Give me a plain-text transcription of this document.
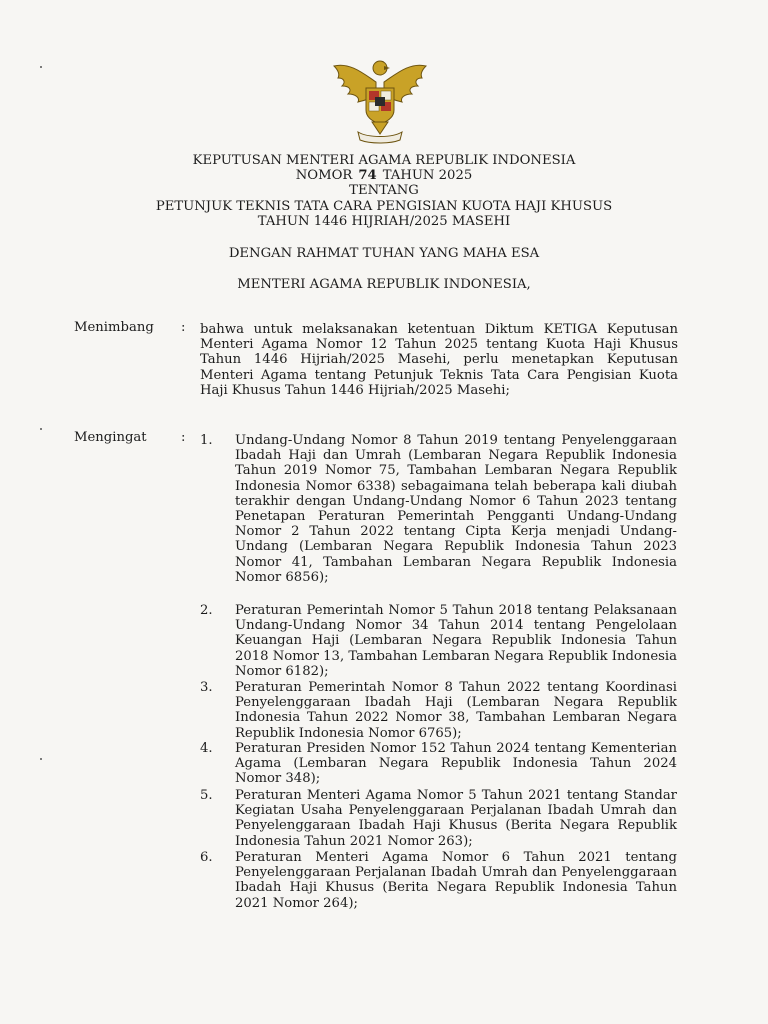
KEPUTUSAN MENTERI AGAMA REPUBLIK INDONESIA
NOMOR 74 TAHUN 2025
TENTANG
PETUNJUK TEKNIS TATA CARA PENGISIAN KUOTA HAJI KHUSUS
TAHUN 1446 HIJRIAH/2025 MASEHI
DENGAN RAHMAT TUHAN YANG MAHA ESA
MENTERI AGAMA REPUBLIK INDONESIA,
Menimbang : bahwa untuk melaksanakan ketentuan Diktum KETIGA Keputusan Menteri Agama Nomor 12 Tahun 2025 tentang Kuota Haji Khusus Tahun 1446 Hijriah/2025 Masehi, perlu menetapkan Keputusan Menteri Agama tentang Petunjuk Teknis Tata Cara Pengisian Kuota Haji Khusus Tahun 1446 Hijriah/2025 Masehi;
Mengingat	: 1. Undang-Undang Nomor 8 Tahun 2019 tentang Penyelenggaraan Ibadah Haji dan Umrah (Lembaran Negara Republik Indonesia Tahun 2019 Nomor 75, Tambahan Lembaran Negara Republik Indonesia Nomor 6338) sebagaimana telah beberapa kali diubah terakhir dengan Undang-Undang Nomor 6 Tahun 2023 tentang Penetapan Peraturan Pemerintah Pengganti Undang-Undang Nomor 2 Tahun 2022 tentang Cipta Kerja menjadi Undang-Undang (Lembaran Negara Republik Indonesia Tahun 2023 Nomor 41, Tambahan Lembaran Negara Republik Indonesia Nomor 6856);
2. Peraturan Pemerintah Nomor 5 Tahun 2018 tentang Pelaksanaan Undang-Undang Nomor 34 Tahun 2014 tentang Pengelolaan Keuangan Haji (Lembaran Negara Republik Indonesia Tahun 2018 Nomor 13, Tambahan Lembaran Negara Republik Indonesia Nomor 6182);
3. Peraturan Pemerintah Nomor 8 Tahun 2022 tentang Koordinasi Penyelenggaraan Ibadah Haji (Lembaran Negara Republik Indonesia Tahun 2022 Nomor 38, Tambahan Lembaran Negara Republik Indonesia Nomor 6765);
4. Peraturan Presiden Nomor 152 Tahun 2024 tentang Kementerian Agama (Lembaran Negara Republik Indonesia Tahun 2024 Nomor 348);
5. Peraturan Menteri Agama Nomor 5 Tahun 2021 tentang Standar Kegiatan Usaha Penyelenggaraan Perjalanan Ibadah Umrah dan Penyelenggaraan Ibadah Haji Khusus (Berita Negara Republik Indonesia Tahun 2021 Nomor 263);
6. Peraturan Menteri Agama Nomor 6 Tahun 2021 tentang Penyelenggaraan Perjalanan Ibadah Umrah dan Penyelenggaraan Ibadah Haji Khusus (Berita Negara Republik Indonesia Tahun 2021 Nomor 264);
